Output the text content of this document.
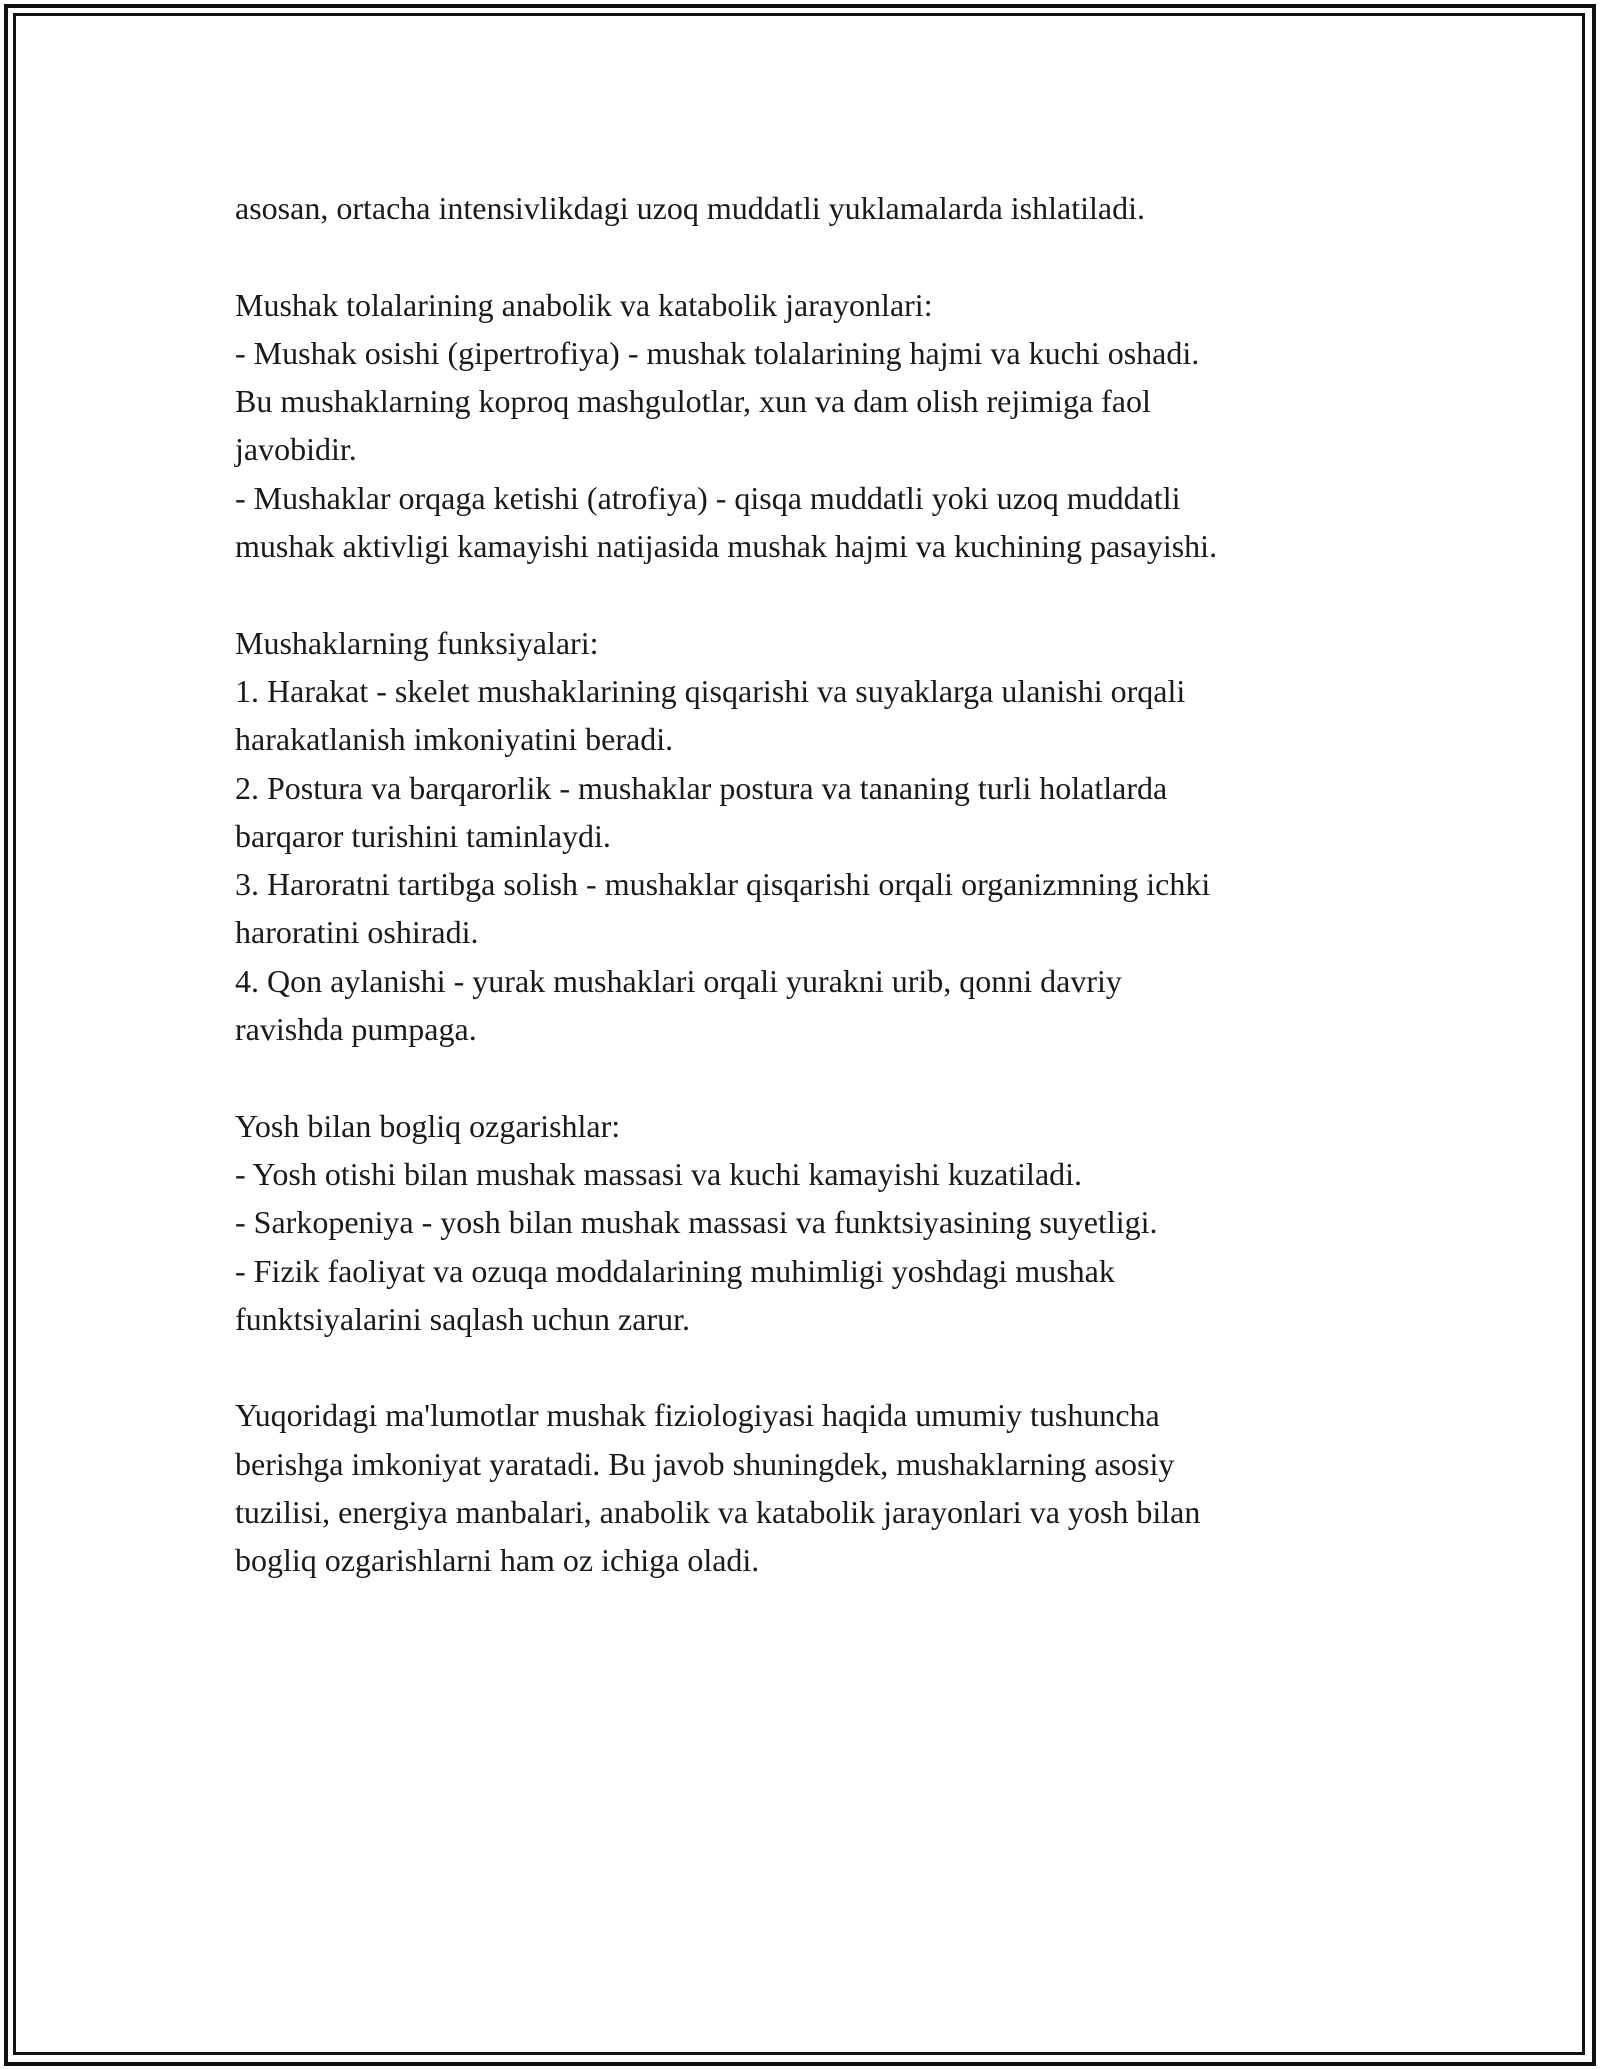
asosan, ortacha intensivlikdagi uzoq muddatli yuklamalarda ishlatiladi.

Mushak tolalarining anabolik va katabolik jarayonlari:
- Mushak osishi (gipertrofiya) - mushak tolalarining hajmi va kuchi oshadi.
Bu mushaklarning koproq mashgulotlar, xun va dam olish rejimiga faol
javobidir.
- Mushaklar orqaga ketishi (atrofiya) - qisqa muddatli yoki uzoq muddatli
mushak aktivligi kamayishi natijasida mushak hajmi va kuchining pasayishi.

Mushaklarning funksiyalari:
1. Harakat - skelet mushaklarining qisqarishi va suyaklarga ulanishi orqali
harakatlanish imkoniyatini beradi.
2. Postura va barqarorlik - mushaklar postura va tananing turli holatlarda
barqaror turishini taminlaydi.
3. Haroratni tartibga solish - mushaklar qisqarishi orqali organizmning ichki
haroratini oshiradi.
4. Qon aylanishi - yurak mushaklari orqali yurakni urib, qonni davriy
ravishda pumpaga.

Yosh bilan bogliq ozgarishlar:
- Yosh otishi bilan mushak massasi va kuchi kamayishi kuzatiladi.
- Sarkopeniya - yosh bilan mushak massasi va funktsiyasining suyetligi.
- Fizik faoliyat va ozuqa moddalarining muhimligi yoshdagi mushak
funktsiyalarini saqlash uchun zarur.

Yuqoridagi ma'lumotlar mushak fiziologiyasi haqida umumiy tushuncha
berishga imkoniyat yaratadi. Bu javob shuningdek, mushaklarning asosiy
tuzilisi, energiya manbalari, anabolik va katabolik jarayonlari va yosh bilan
bogliq ozgarishlarni ham oz ichiga oladi.
